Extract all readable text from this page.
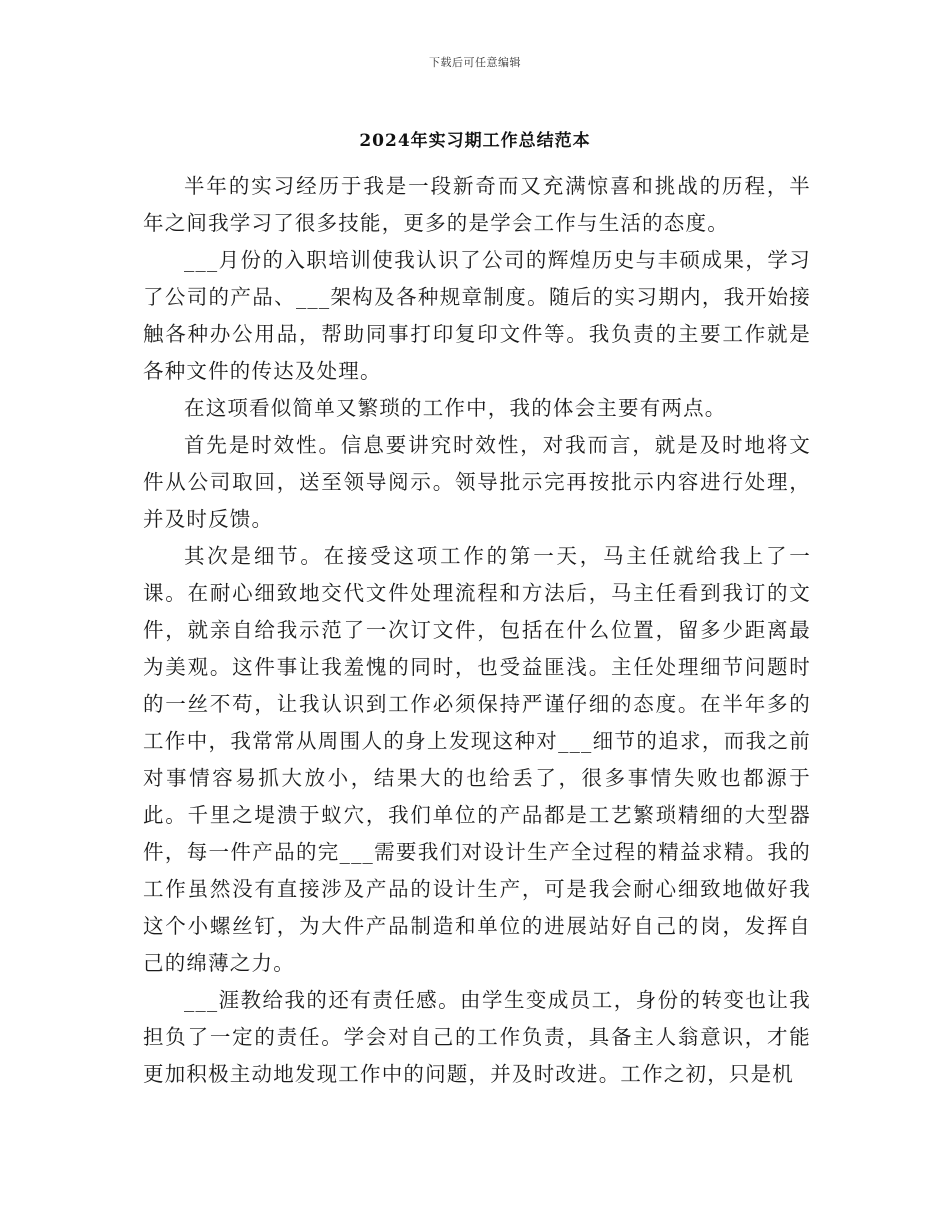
下载后可任意编辑
2024年实习期工作总结范本

半年的实习经历于我是一段新奇而又充满惊喜和挑战的历程，半年之间我学习了很多技能，更多的是学会工作与生活的态度。

___月份的入职培训使我认识了公司的辉煌历史与丰硕成果，学习了公司的产品、___架构及各种规章制度。随后的实习期内，我开始接触各种办公用品，帮助同事打印复印文件等。我负责的主要工作就是各种文件的传达及处理。

在这项看似简单又繁琐的工作中，我的体会主要有两点。

首先是时效性。信息要讲究时效性，对我而言，就是及时地将文件从公司取回，送至领导阅示。领导批示完再按批示内容进行处理，并及时反馈。

其次是细节。在接受这项工作的第一天，马主任就给我上了一课。在耐心细致地交代文件处理流程和方法后，马主任看到我订的文件，就亲自给我示范了一次订文件，包括在什么位置，留多少距离最为美观。这件事让我羞愧的同时，也受益匪浅。主任处理细节问题时的一丝不苟，让我认识到工作必须保持严谨仔细的态度。在半年多的工作中，我常常从周围人的身上发现这种对___细节的追求，而我之前对事情容易抓大放小，结果大的也给丢了，很多事情失败也都源于此。千里之堤溃于蚁穴，我们单位的产品都是工艺繁琐精细的大型器件，每一件产品的完___需要我们对设计生产全过程的精益求精。我的工作虽然没有直接涉及产品的设计生产，可是我会耐心细致地做好我这个小螺丝钉，为大件产品制造和单位的进展站好自己的岗，发挥自己的绵薄之力。

___涯教给我的还有责任感。由学生变成员工，身份的转变也让我担负了一定的责任。学会对自己的工作负责，具备主人翁意识，才能更加积极主动地发现工作中的问题，并及时改进。工作之初，只是机
